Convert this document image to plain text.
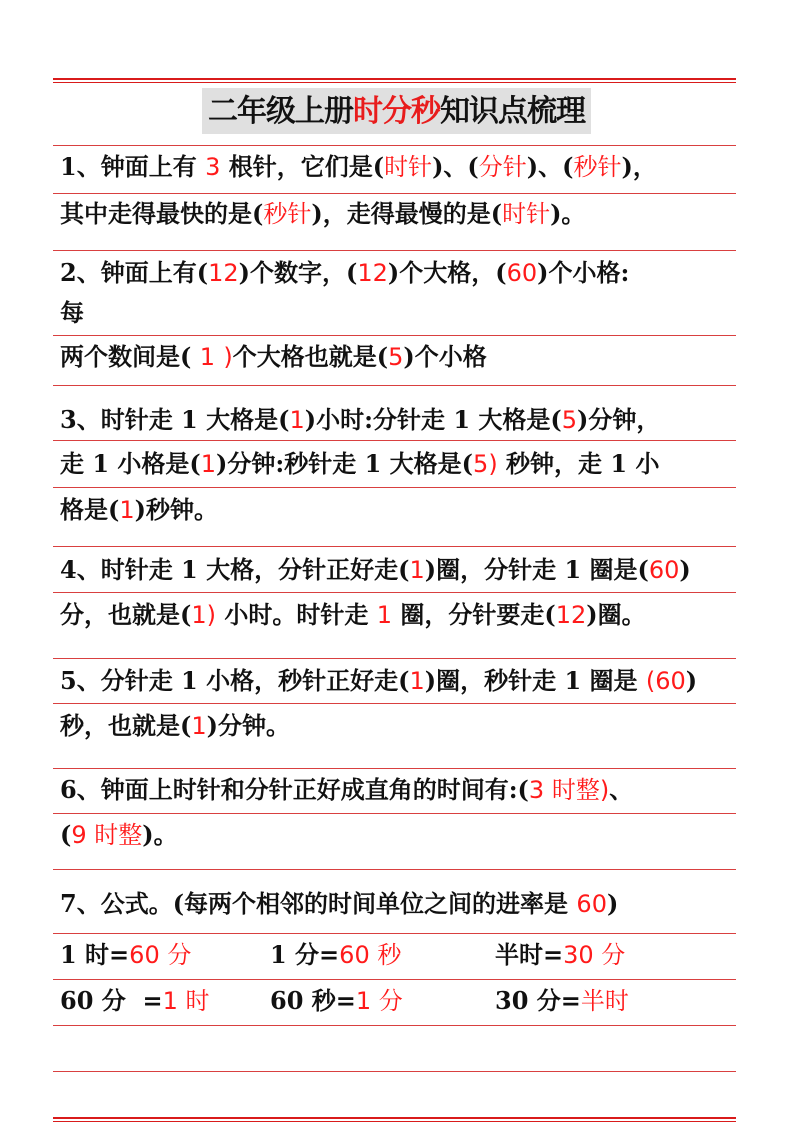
二年级上册时分秒知识点梳理
1、钟面上有 3 根针，它们是(时针)、(分针)、(秒针)，
其中走得最快的是(秒针)，走得最慢的是(时针)。
2、钟面上有(12)个数字，(12)个大格，(60)个小格:
每
两个数间是( 1 )个大格也就是(5)个小格
3、时针走 1 大格是(1)小时:分针走 1 大格是(5)分钟，
走 1 小格是(1)分钟:秒针走 1 大格是(5) 秒钟，走 1 小
格是(1)秒钟。
4、时针走 1 大格，分针正好走(1)圈，分针走 1 圈是(60)
分，也就是(1) 小时。时针走 1 圈，分针要走(12)圈。
5、分针走 1 小格，秒针正好走(1)圈，秒针走 1 圈是 (60)
秒，也就是(1)分钟。
6、钟面上时针和分针正好成直角的时间有:(3 时整)、
(9 时整)。
7、公式。(每两个相邻的时间单位之间的进率是 60)
1 时=60 分	1 分=60 秒	半时=30 分
60 分  =1 时	60 秒=1 分	30 分=半时
